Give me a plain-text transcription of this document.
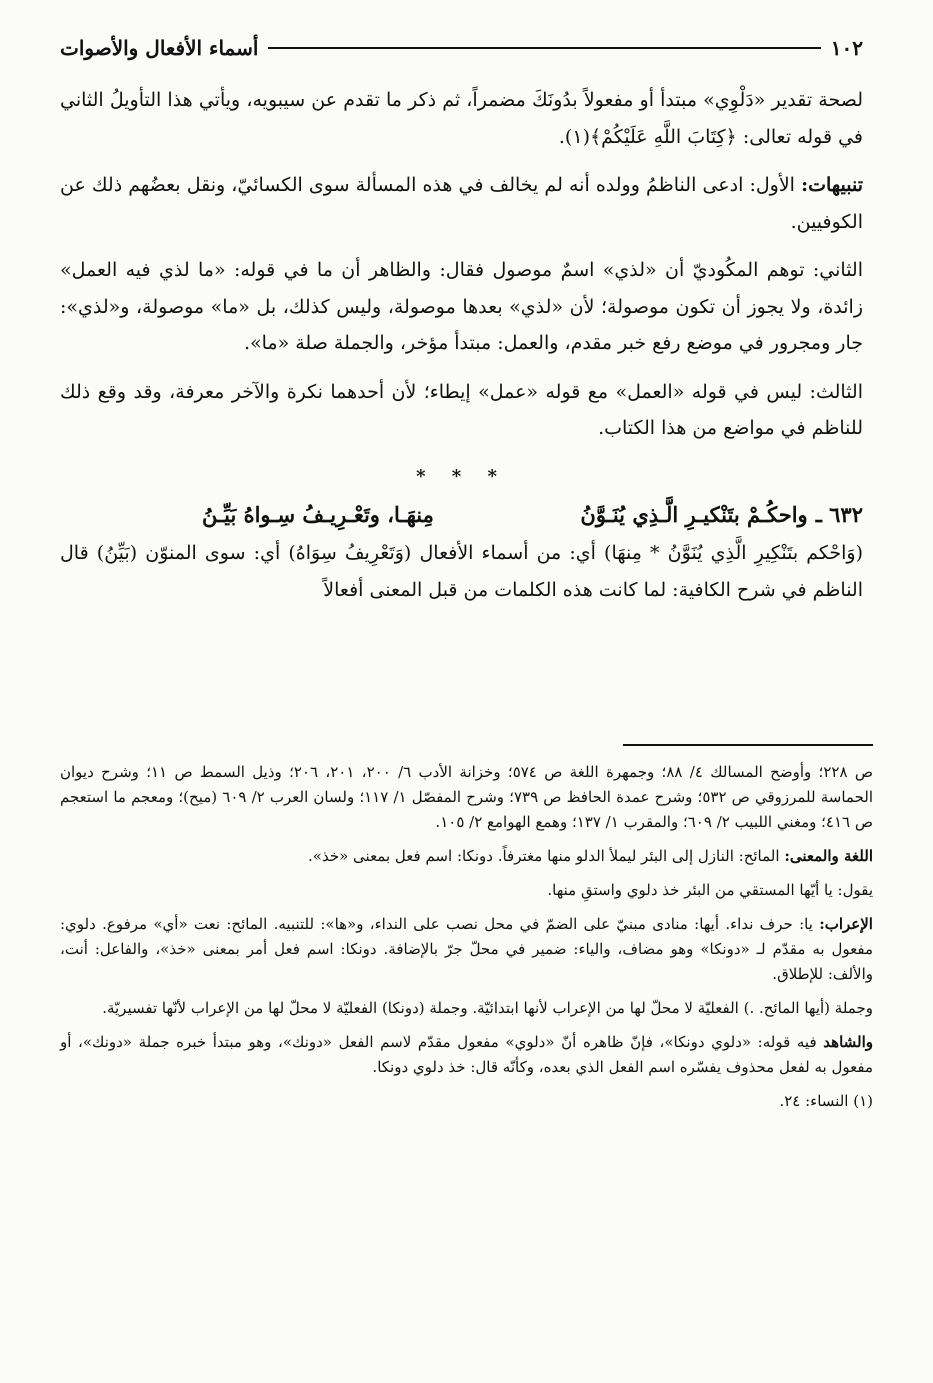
١٠٢
أسماء الأفعال والأصوات

لصحة تقدير «دَلْوِي» مبتدأ أو مفعولاً بدُونَكَ مضمراً، ثم ذكر ما تقدم عن سيبويه، ويأتي هذا التأويلُ الثاني في قوله تعالى: ﴿كِتَابَ اللَّهِ عَلَيْكُمْ﴾(١).

تنبيهات: الأول: ادعى الناظمُ وولده أنه لم يخالف في هذه المسألة سوى الكسائيّ، ونقل بعضُهم ذلك عن الكوفيين.

الثاني: توهم المكُوديّ أن «لذي» اسمٌ موصول فقال: والظاهر أن ما في قوله: «ما لذي فيه العمل» زائدة، ولا يجوز أن تكون موصولة؛ لأن «لذي» بعدها موصولة، وليس كذلك، بل «ما» موصولة، و«لذي»: جار ومجرور في موضع رفع خبر مقدم، والعمل: مبتدأ مؤخر، والجملة صلة «ما».

الثالث: ليس في قوله «العمل» مع قوله «عمل» إيطاء؛ لأن أحدهما نكرة والآخر معرفة، وقد وقع ذلك للناظم في مواضع من هذا الكتاب.

* * *
٦٣٢ ـ
واحكُـمْ بتَنْكيـرِ الَّـذِي يُنَـوَّنُ
مِنهَـا، وتَعْـرِيـفُ سِـواهُ بَيِّـنُ

(وَاحْكم بتَنْكِيرِ الَّذِي يُنَوَّنُ * مِنهَا) أي: من أسماء الأفعال (وَتَعْرِيفُ سِوَاهُ) أي: سوى المنوّن (بَيِّنُ) قال الناظم في شرح الكافية: لما كانت هذه الكلمات من قبل المعنى أفعالاً

ص ٢٢٨؛ وأوضح المسالك ٤/ ٨٨؛ وجمهرة اللغة ص ٥٧٤؛ وخزانة الأدب ٦/ ٢٠٠، ٢٠١، ٢٠٦؛ وذيل السمط ص ١١؛ وشرح ديوان الحماسة للمرزوقي ص ٥٣٢؛ وشرح عمدة الحافظ ص ٧٣٩؛ وشرح المفصّل ١/ ١١٧؛ ولسان العرب ٢/ ٦٠٩ (ميح)؛ ومعجم ما استعجم ص ٤١٦؛ ومغني اللبيب ٢/ ٦٠٩؛ والمقرب ١/ ١٣٧؛ وهمع الهوامع ٢/ ١٠٥.

اللغة والمعنى: المائح: النازل إلى البئر ليملأ الدلو منها مغترفاً. دونكا: اسم فعل بمعنى «خذ».

يقول: يا أيّها المستقي من البئر خذ دلوي واستقِ منها.

الإعراب: يا: حرف نداء. أيها: منادى مبنيّ على الضمّ في محل نصب على النداء، و«ها»: للتنبيه. المائح: نعت «أي» مرفوع. دلوي: مفعول به مقدّم لـ «دونكا» وهو مضاف، والياء: ضمير في محلّ جرّ بالإضافة. دونكا: اسم فعل أمر بمعنى «خذ»، والفاعل: أنت، والألف: للإطلاق.

وجملة (أيها المائح. .) الفعليّة لا محلّ لها من الإعراب لأنها ابتدائيّة. وجملة (دونكا) الفعليّة لا محلّ لها من الإعراب لأنّها تفسيريّة.

والشاهد فيه قوله: «دلوي دونكا»، فإنّ ظاهره أنّ «دلوي» مفعول مقدّم لاسم الفعل «دونك»، وهو مبتدأ خبره جملة «دونك»، أو مفعول به لفعل محذوف يفسّره اسم الفعل الذي بعده، وكأنّه قال: خذ دلوي دونكا.

(١) النساء: ٢٤.
